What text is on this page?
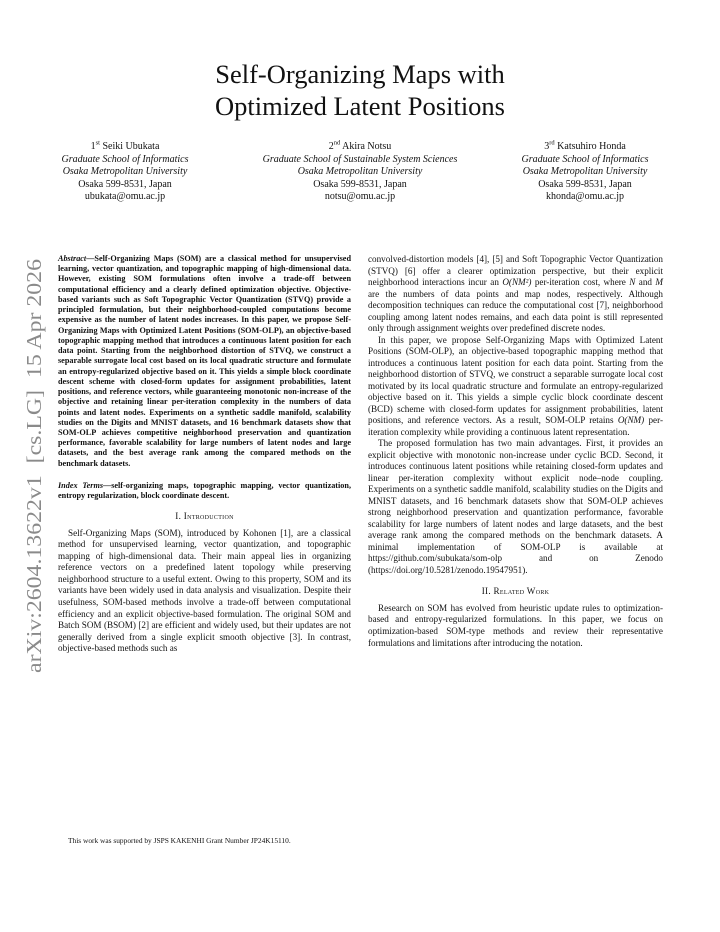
arXiv:2604.13622v1  [cs.LG]  15 Apr 2026
Self-Organizing Maps with
Optimized Latent Positions
1st Seiki Ubukata
Graduate School of Informatics
Osaka Metropolitan University
Osaka 599-8531, Japan
ubukata@omu.ac.jp
2nd Akira Notsu
Graduate School of Sustainable System Sciences
Osaka Metropolitan University
Osaka 599-8531, Japan
notsu@omu.ac.jp
3rd Katsuhiro Honda
Graduate School of Informatics
Osaka Metropolitan University
Osaka 599-8531, Japan
khonda@omu.ac.jp

Abstract—Self-Organizing Maps (SOM) are a classical method for unsupervised learning, vector quantization, and topographic mapping of high-dimensional data. However, existing SOM formulations often involve a trade-off between computational efficiency and a clearly defined optimization objective. Objective-based variants such as Soft Topographic Vector Quantization (STVQ) provide a principled formulation, but their neighborhood-coupled computations become expensive as the number of latent nodes increases. In this paper, we propose Self-Organizing Maps with Optimized Latent Positions (SOM-OLP), an objective-based topographic mapping method that introduces a continuous latent position for each data point. Starting from the neighborhood distortion of STVQ, we construct a separable surrogate local cost based on its local quadratic structure and formulate an entropy-regularized objective based on it. This yields a simple block coordinate descent scheme with closed-form updates for assignment probabilities, latent positions, and reference vectors, while guaranteeing monotonic non-increase of the objective and retaining linear per-iteration complexity in the numbers of data points and latent nodes. Experiments on a synthetic saddle manifold, scalability studies on the Digits and MNIST datasets, and 16 benchmark datasets show that SOM-OLP achieves competitive neighborhood preservation and quantization performance, favorable scalability for large numbers of latent nodes and large datasets, and the best average rank among the compared methods on the benchmark datasets.

Index Terms—self-organizing maps, topographic mapping, vector quantization, entropy regularization, block coordinate descent.

I. Introduction

Self-Organizing Maps (SOM), introduced by Kohonen [1], are a classical method for unsupervised learning, vector quantization, and topographic mapping of high-dimensional data. Their main appeal lies in organizing reference vectors on a predefined latent topology while preserving neighborhood structure to a useful extent. Owing to this property, SOM and its variants have been widely used in data analysis and visualization. Despite their usefulness, SOM-based methods involve a trade-off between computational efficiency and an explicit objective-based formulation. The original SOM and Batch SOM (BSOM) [2] are efficient and widely used, but their updates are not generally derived from a single explicit smooth objective [3]. In contrast, objective-based methods such as

This work was supported by JSPS KAKENHI Grant Number JP24K15110.

convolved-distortion models [4], [5] and Soft Topographic Vector Quantization (STVQ) [6] offer a clearer optimization perspective, but their explicit neighborhood interactions incur an O(NM²) per-iteration cost, where N and M are the numbers of data points and map nodes, respectively. Although decomposition techniques can reduce the computational cost [7], neighborhood coupling among latent nodes remains, and each data point is still represented only through assignment weights over predefined discrete nodes.

In this paper, we propose Self-Organizing Maps with Optimized Latent Positions (SOM-OLP), an objective-based topographic mapping method that introduces a continuous latent position for each data point. Starting from the neighborhood distortion of STVQ, we construct a separable surrogate local cost motivated by its local quadratic structure and formulate an entropy-regularized objective based on it. This yields a simple cyclic block coordinate descent (BCD) scheme with closed-form updates for assignment probabilities, latent positions, and reference vectors. As a result, SOM-OLP retains O(NM) per-iteration complexity while providing a continuous latent representation.

The proposed formulation has two main advantages. First, it provides an explicit objective with monotonic non-increase under cyclic BCD. Second, it introduces continuous latent positions while retaining closed-form updates and linear per-iteration complexity without explicit node–node coupling. Experiments on a synthetic saddle manifold, scalability studies on the Digits and MNIST datasets, and 16 benchmark datasets show that SOM-OLP achieves strong neighborhood preservation and quantization performance, favorable scalability for large numbers of latent nodes and large datasets, and the best average rank among the compared methods on the benchmark datasets. A minimal implementation of SOM-OLP is available at https://github.com/subukata/som-olp and on Zenodo (https://doi.org/10.5281/zenodo.19547951).

II. Related Work

Research on SOM has evolved from heuristic update rules to optimization-based and entropy-regularized formulations. In this paper, we focus on optimization-based SOM-type methods and review their representative formulations and limitations after introducing the notation.
